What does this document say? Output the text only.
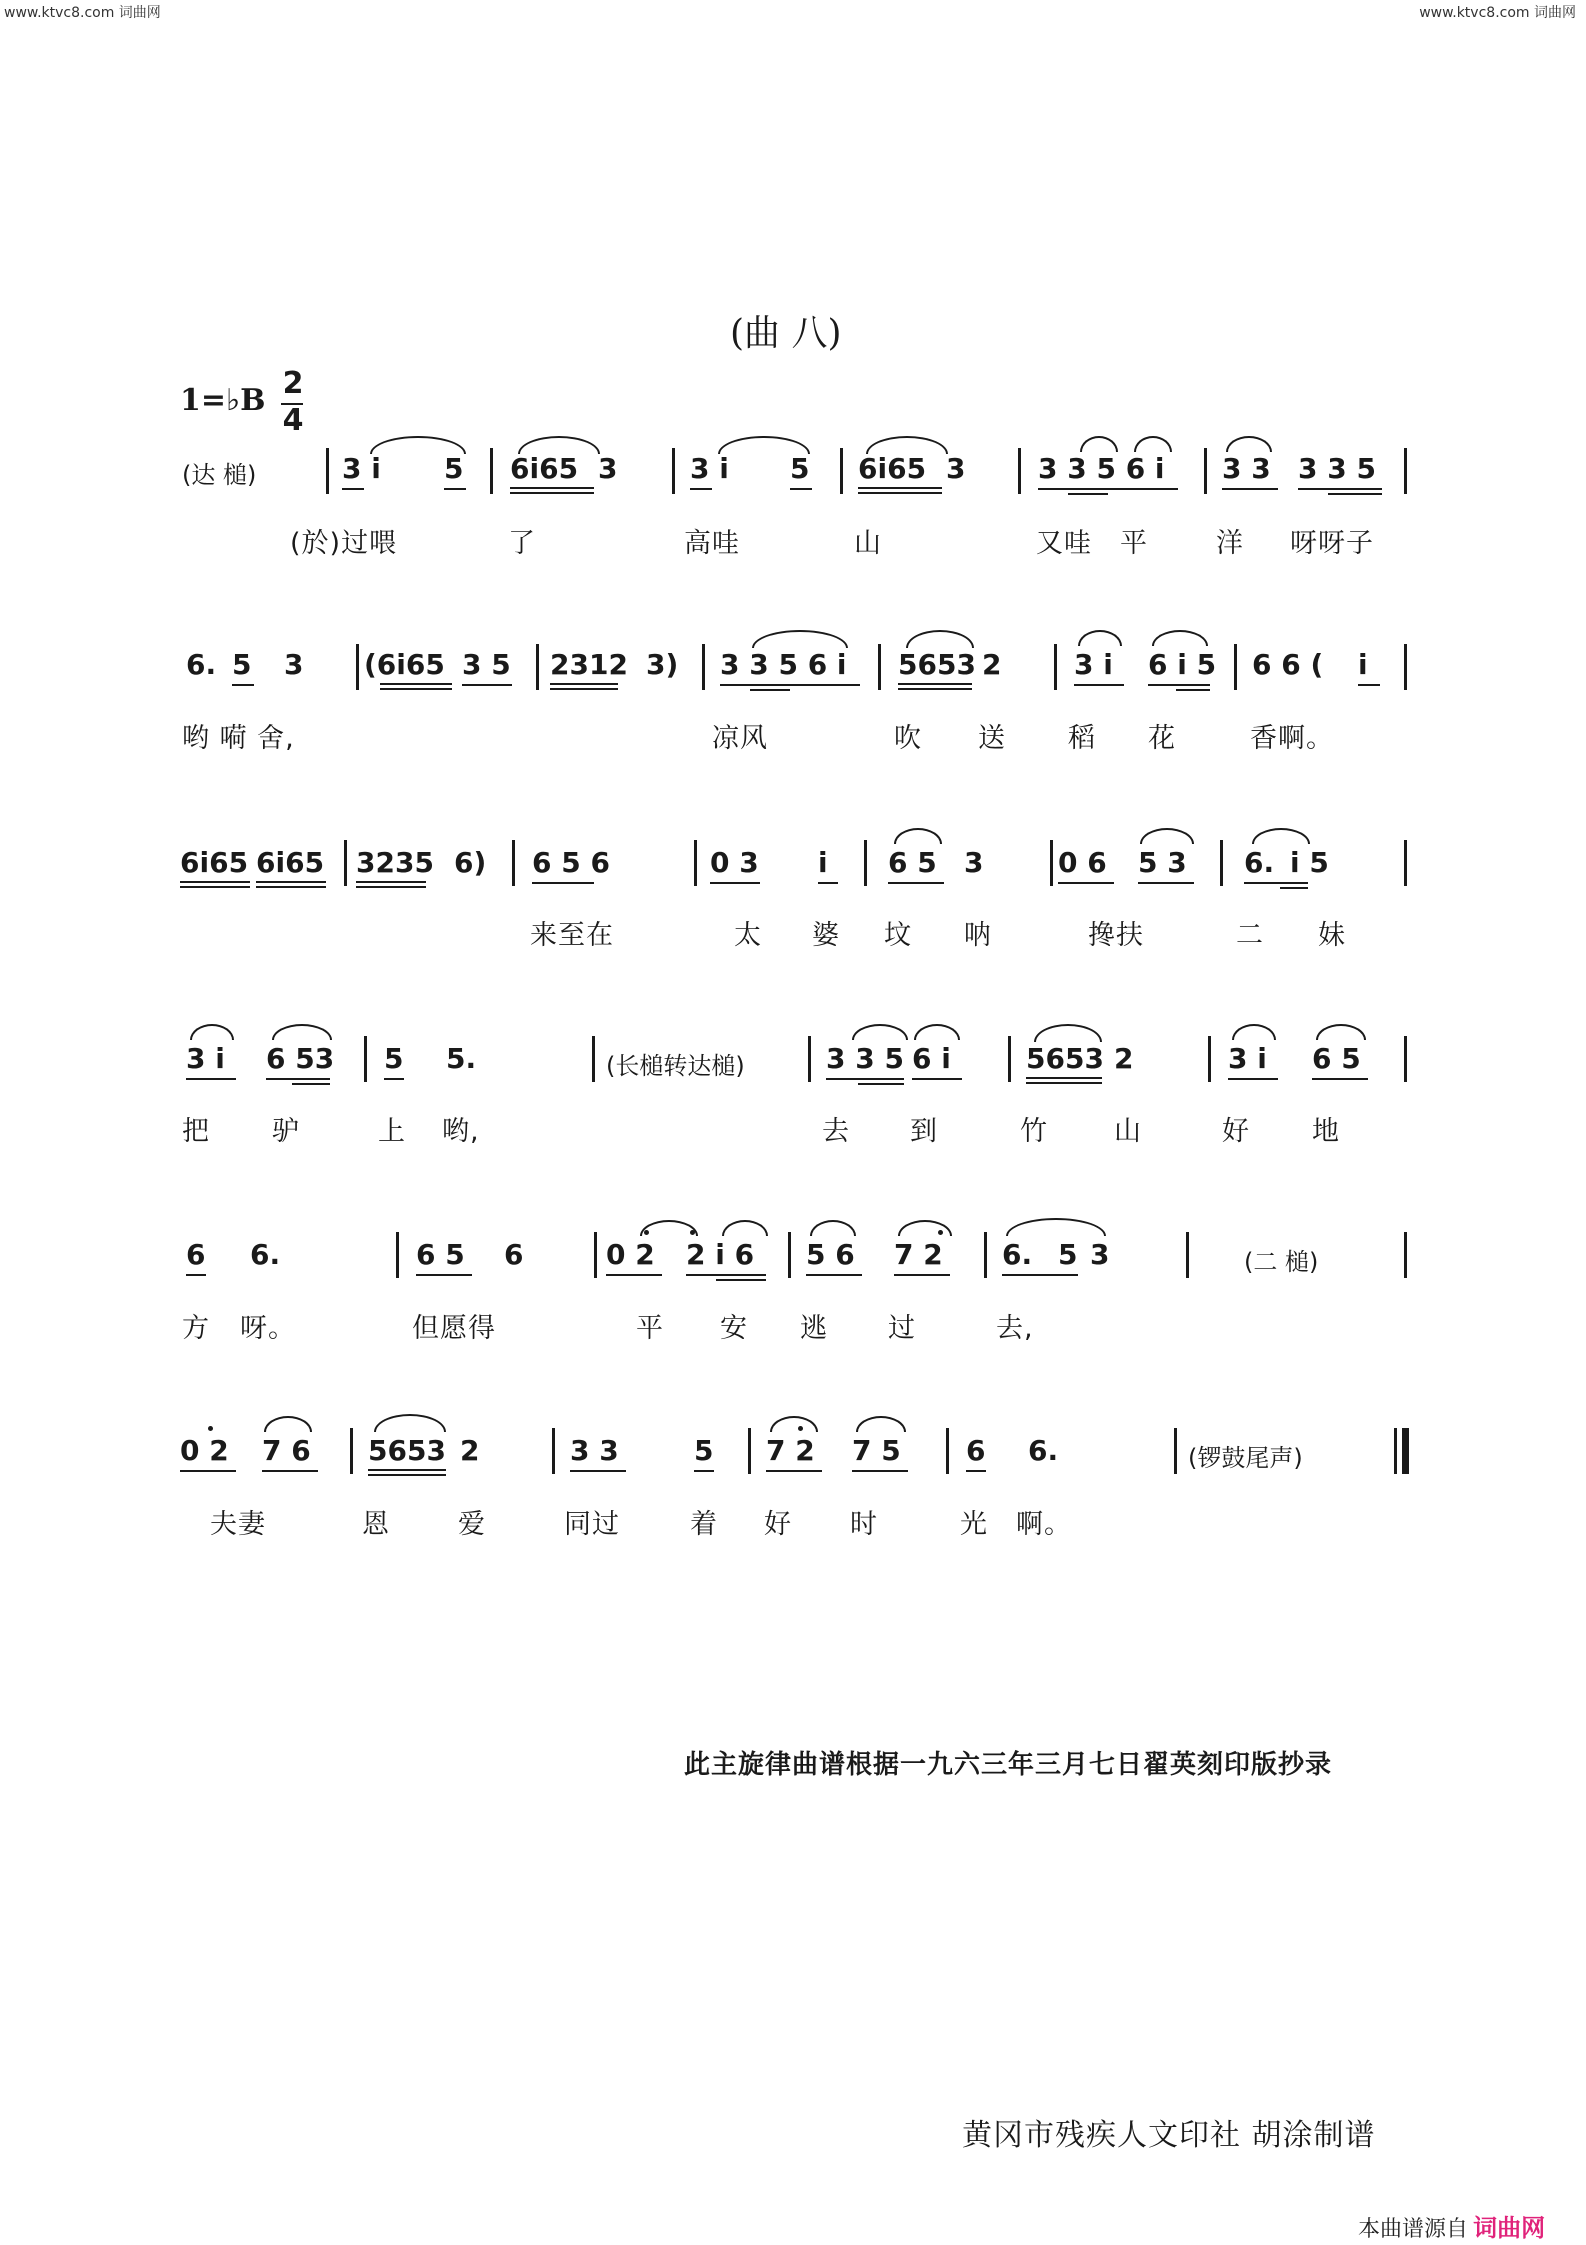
www.ktvc8.com 词曲网	www.ktvc8.com 词曲网
(曲 八)
1=♭B 2
4
(达 槌)	3 i 5 6i65 3	3 i 5 6i65 3	3 3 5 6 i 3 3 3 3 5
(於)过喂	了	高哇	山	又哇 平	洋 呀呀子
6. 5 3 (6i65 3 5 2312 3) 3 3 5 6 i 5653 2	3 i 6 i 5 6 6 ( i
哟 嗬 舍,	凉风	吹 送 稻 花	香啊。
6i65 6i65 3235 6) 6 5 6	0 3 i 6 5 3	0 6 5 3 6. i 5
来至在	太 婆 坟 呐	搀扶	二 妹
3 i 6 53 5 5.	(长槌转达槌)	3 3 5 6 i	5653 2	3 i 6 5
把 驴	上 哟,	去 到	竹 山	好 地
6 6.	6 5 6	0 2 2 i 6 5 6 7 2 6. 5 3	(二 槌)
方 呀。	但愿得	平 安 逃 过	去,
0 2 7 6 5653 2	3 3	5 7 2 7 5 6 6.	(锣鼓尾声)
夫妻	恩	爱	同过	着 好 时	光 啊。
此主旋律曲谱根据一九六三年三月七日翟英刻印版抄录
黄冈市残疾人文印社 胡涂制谱
本曲谱源自 词曲网
